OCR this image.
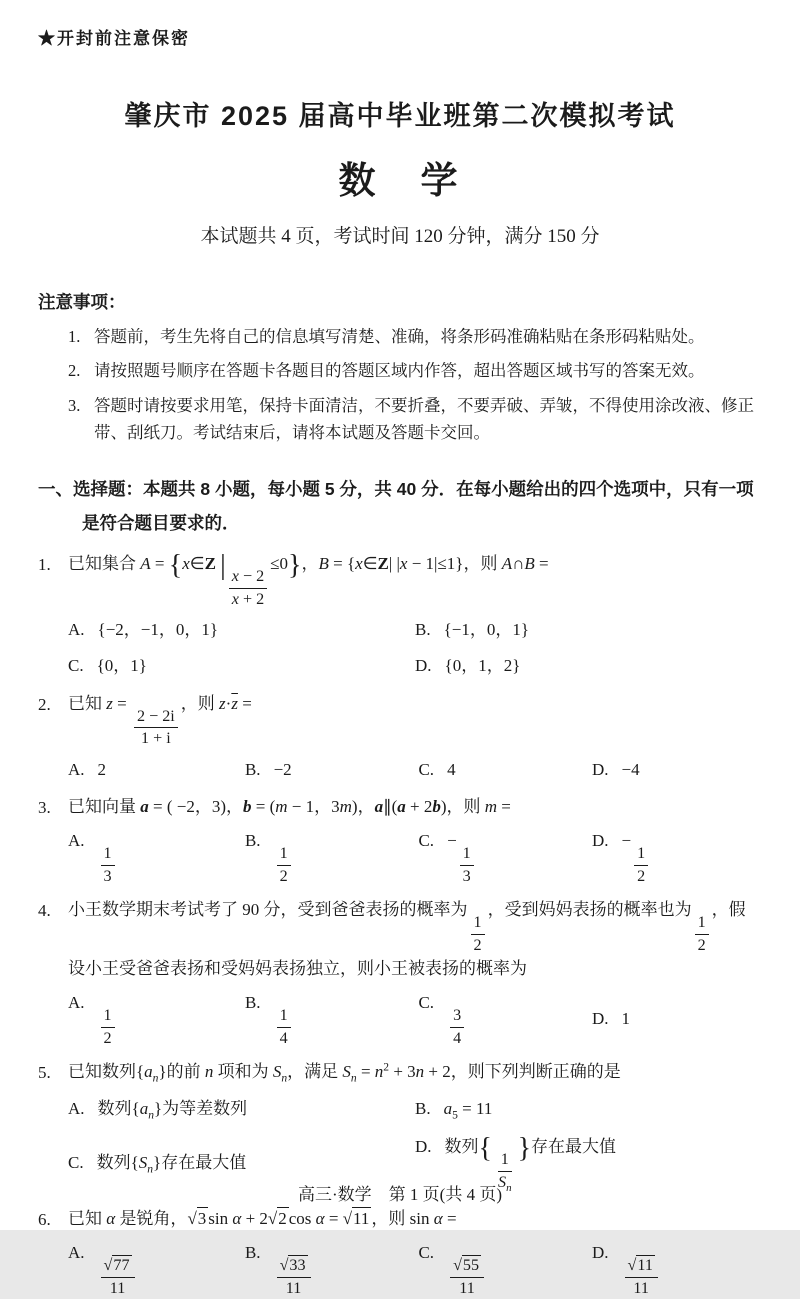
★开封前注意保密
肇庆市 2025 届高中毕业班第二次模拟考试
数　学
本试题共 4 页，考试时间 120 分钟，满分 150 分
注意事项：
1. 答题前，考生先将自己的信息填写清楚、准确，将条形码准确粘贴在条形码粘贴处。
2. 请按照题号顺序在答题卡各题目的答题区域内作答，超出答题区域书写的答案无效。
3. 答题时请按要求用笔，保持卡面清洁，不要折叠，不要弄破、弄皱，不得使用涂改液、修正带、刮纸刀。考试结束后，请将本试题及答题卡交回。
一、选择题：本题共 8 小题，每小题 5 分，共 40 分．在每小题给出的四个选项中，只有一项是符合题目要求的．
1.	已知集合 A = {x∈Z |
$\frac{x - 2}{x + 2}$
≤0}，B = {x∈Z| |x − 1|≤1}，则 A∩B =
A. {−2，−1，0，1}	B. {−1，0，1}
C. {0，1}	D. {0，1，2}
2.	已知 z =
$\frac{2 - 2i}{1 + i}$
，则 $z\cdot\overline{z}$ =
A. 2	B. −2	C. 4	D. −4
3.	已知向量 a = ( −2，3)，b = (m − 1，3m)，a∥(a + 2b)，则 m =
A.
$\frac{1}{3}$
B.
$\frac{1}{2}$
C. −
$\frac{1}{3}$
D. −
$\frac{1}{2}$
4.	小王数学期末考试考了 90 分，受到爸爸表扬的概率为
$\frac{1}{2}$
，受到妈妈表扬的概率也为
$\frac{1}{2}$
，假设小王受爸爸表扬和受妈妈表扬独立，则小王被表扬的概率为
A.
$\frac{1}{2}$
B.
$\frac{1}{4}$
C.
$\frac{3}{4}$	D. 1
5.	已知数列$\{a_n\}$的前 n 项和为 $S_n$，满足 $S_n = n^2 + 3n + 2$，则下列判断正确的是
A. 数列$\{a_n\}$为等差数列	B. $a_5 = 11$
C. 数列$\{S_n\}$存在最大值
D. 数列{
$\frac{1}{S_n}$
}存在最大值
6.	已知 α 是锐角， √ 3 sin α + 2 √ 2 cos α = √ 11 ，则 sin α =
A.
√ $\frac{77}{11}$
B.
√ $\frac{33}{11}$
C.
√ $\frac{55}{11}$
D.
√ $\frac{11}{11}$
高三·数学　第 1 页(共 4 页)
